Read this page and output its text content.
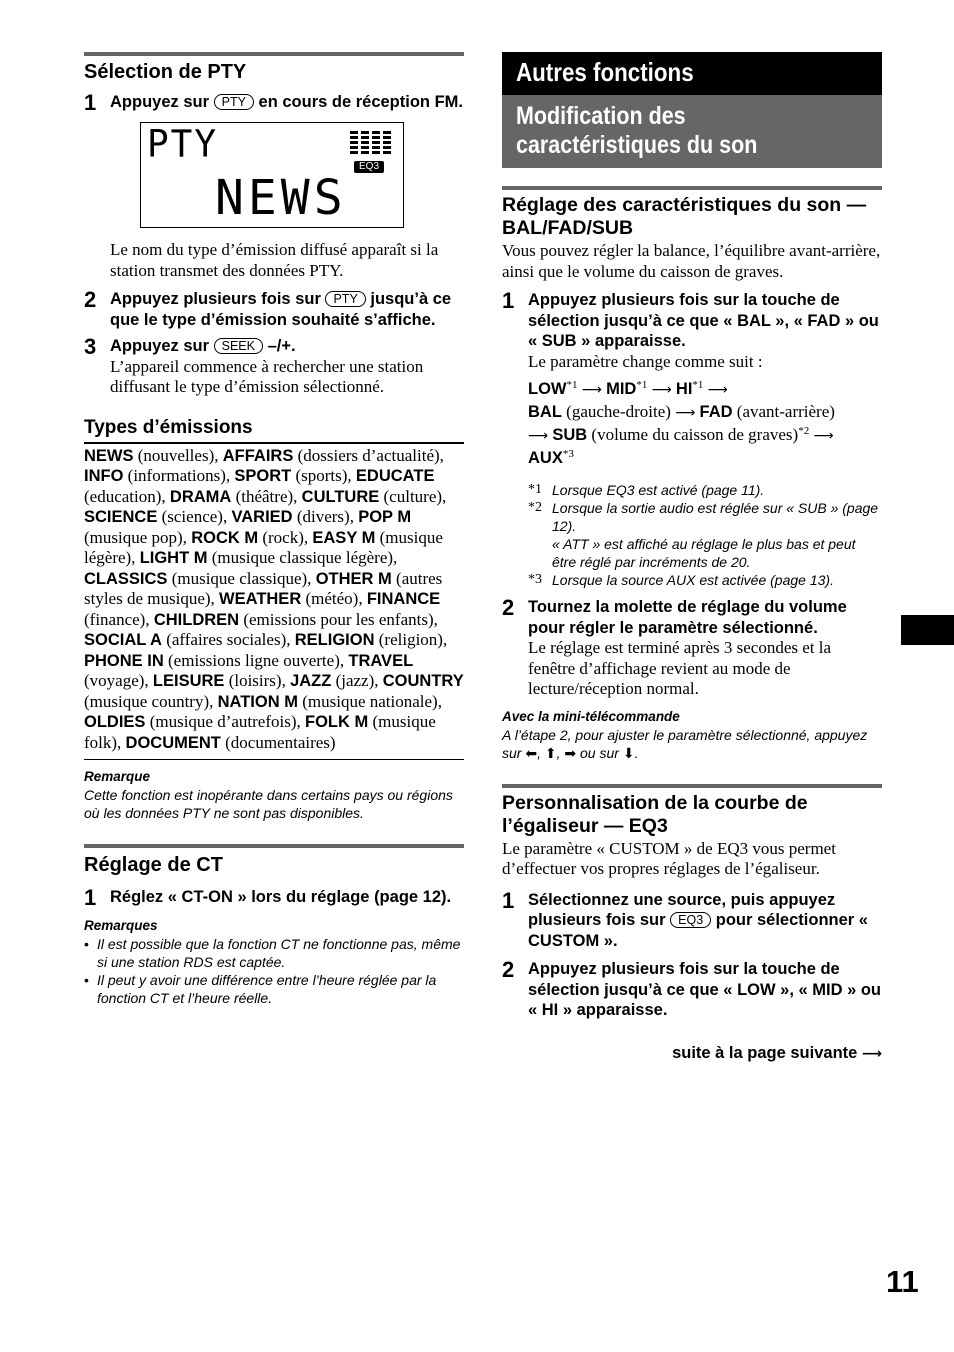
Sélection de PTY
1 Appuyez sur PTY en cours de réception FM.
PTY
EQ3
NEWS
Le nom du type d’émission diffusé apparaît si la station transmet des données PTY.
2 Appuyez plusieurs fois sur PTY jusqu’à ce que le type d’émission souhaité s’affiche.
3 Appuyez sur SEEK –/+.
L’appareil commence à rechercher une station diffusant le type d’émission sélectionné.
Types d’émissions
NEWS (nouvelles), AFFAIRS (dossiers d’actualité), INFO (informations), SPORT (sports), EDUCATE (education), DRAMA (théâtre), CULTURE (culture), SCIENCE (science), VARIED (divers), POP M (musique pop), ROCK M (rock), EASY M (musique légère), LIGHT M (musique classique légère), CLASSICS (musique classique), OTHER M (autres styles de musique), WEATHER (météo), FINANCE (finance), CHILDREN (emissions pour les enfants), SOCIAL A (affaires sociales), RELIGION (religion), PHONE IN (emissions ligne ouverte), TRAVEL (voyage), LEISURE (loisirs), JAZZ (jazz), COUNTRY (musique country), NATION M (musique nationale), OLDIES (musique d’autrefois), FOLK M (musique folk), DOCUMENT (documentaires)
Remarque
Cette fonction est inopérante dans certains pays ou régions où les données PTY ne sont pas disponibles.
Réglage de CT
1 Réglez « CT-ON » lors du réglage (page 12).
Remarques
• Il est possible que la fonction CT ne fonctionne pas, même si une station RDS est captée.
• Il peut y avoir une différence entre l’heure réglée par la fonction CT et l’heure réelle.
Autres fonctions
Modification des
caractéristiques du son
Réglage des caractéristiques du son — BAL/FAD/SUB
Vous pouvez régler la balance, l’équilibre avant-arrière, ainsi que le volume du caisson de graves.
1 Appuyez plusieurs fois sur la touche de sélection jusqu’à ce que « BAL », « FAD » ou « SUB » apparaisse.
Le paramètre change comme suit :
LOW$^{*1}$ ⟶ MID$^{*1}$ ⟶ HI$^{*1}$ ⟶
BAL (gauche-droite) ⟶ FAD (avant-arrière)
⟶ SUB (volume du caisson de graves)$^{*2}$ ⟶
AUX$^{*3}$
*1 Lorsque EQ3 est activé (page 11).
*2 Lorsque la sortie audio est réglée sur « SUB » (page 12).
« ATT » est affiché au réglage le plus bas et peut être réglé par incréments de 20.
*3 Lorsque la source AUX est activée (page 13).
2 Tournez la molette de réglage du volume pour régler le paramètre sélectionné.
Le réglage est terminé après 3 secondes et la fenêtre d’affichage revient au mode de lecture/réception normal.
Avec la mini-télécommande
A l’étape 2, pour ajuster le paramètre sélectionné, appuyez sur ⬅, ⬆, ➡ ou sur ⬇.
Personnalisation de la courbe de l’égaliseur — EQ3
Le paramètre « CUSTOM » de EQ3 vous permet d’effectuer vos propres réglages de l’égaliseur.
1 Sélectionnez une source, puis appuyez plusieurs fois sur EQ3 pour sélectionner « CUSTOM ».
2 Appuyez plusieurs fois sur la touche de sélection jusqu’à ce que « LOW », « MID » ou « HI » apparaisse.
suite à la page suivante ⟶
11
